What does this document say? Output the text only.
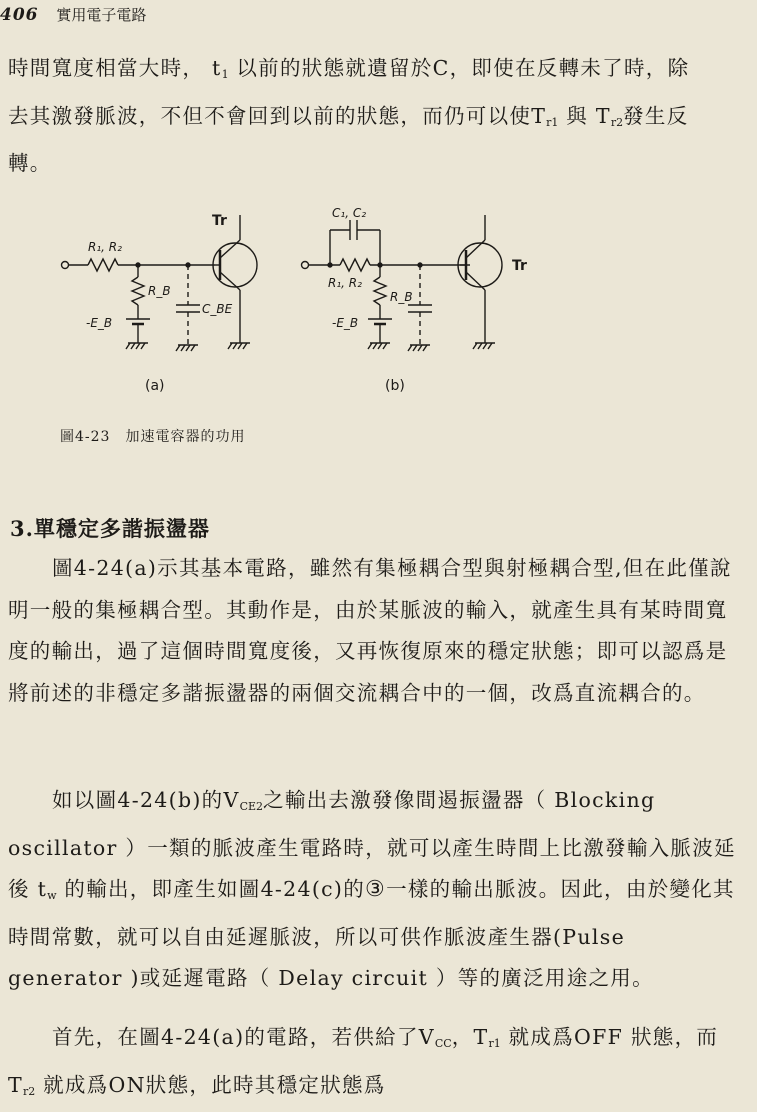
406 實用電子電路

時間寬度相當大時， $t_1$ 以前的狀態就遺留於C，即使在反轉未了時，除
去其激發脈波，不但不會回到以前的狀態，而仍可以使$T_{r1}$ 與 $T_{r2}$發生反
轉。

R₁, R₂
R_B
-E_B
C_BE
Tr
(a)
C₁, C₂
R₁, R₂
R_B
-E_B
Tr
(b)
圖4-23　加速電容器的功用
3.單穩定多諧振盪器

圖4-24(a)示其基本電路，雖然有集極耦合型與射極耦合型,但在此僅說明一般的集極耦合型。其動作是，由於某脈波的輸入，就產生具有某時間寬度的輸出，過了這個時間寬度後，又再恢復原來的穩定狀態；即可以認爲是將前述的非穩定多諧振盪器的兩個交流耦合中的一個，改爲直流耦合的。

如以圖4-24(b)的$V_{CE2}$之輸出去激發像間遏振盪器（ Blocking oscillator ）一類的脈波產生電路時，就可以產生時間上比激發輸入脈波延後 $t_w$ 的輸出，即產生如圖4-24(c)的③一樣的輸出脈波。因此，由於變化其時間常數，就可以自由延遲脈波，所以可供作脈波產生器(Pulse generator )或延遲電路（ Delay circuit ）等的廣泛用途之用。

首先，在圖4-24(a)的電路，若供給了$V_{CC}$，$T_{r1}$ 就成爲OFF 狀態，而$T_{r2}$ 就成爲ON狀態，此時其穩定狀態爲
